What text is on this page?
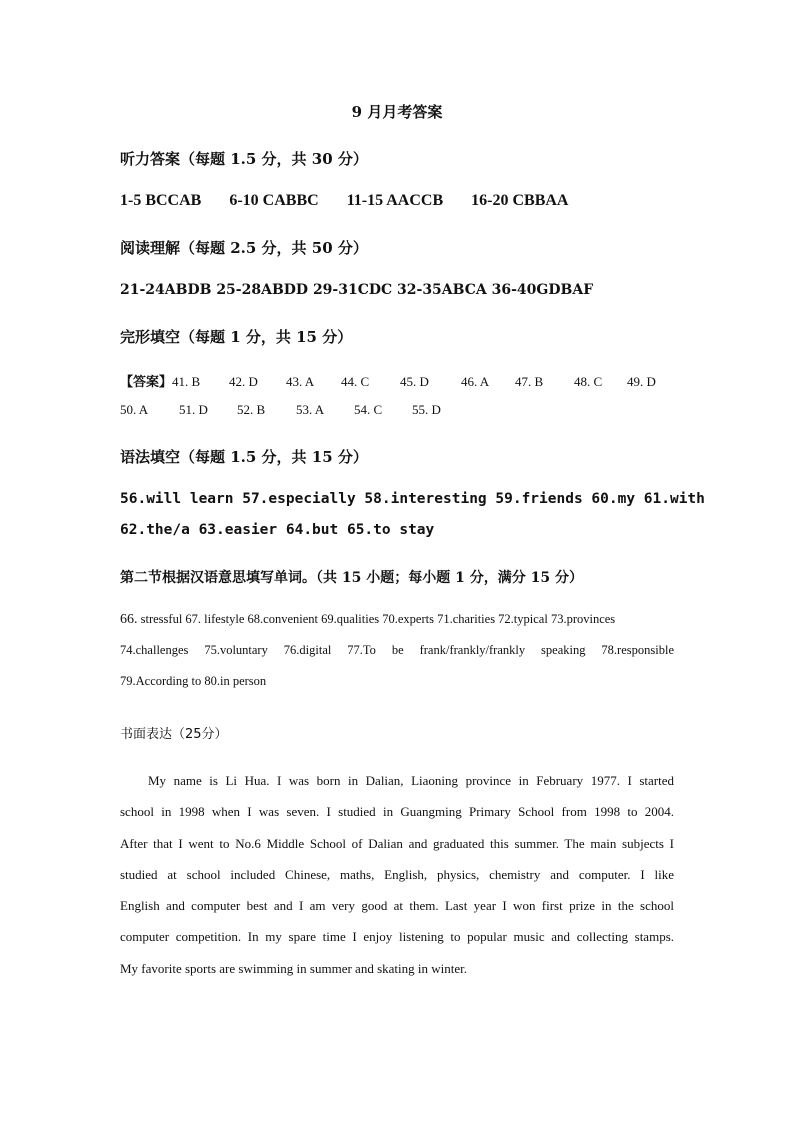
9 月月考答案
听力答案（每题 1.5 分，共 30 分）
1-5 BCCAB 6-10 CABBC 11-15 AACCB 16-20 CBBAA
阅读理解（每题 2.5 分，共 50 分）
21-24ABDB 25-28ABDD 29-31CDC 32-35ABCA 36-40GDBAF
完形填空（每题 1 分，共 15 分）
【答案】41. B 42. D 43. A 44. C 45. D 46. A 47. B 48. C 49. D
50. A 51. D 52. B 53. A 54. C 55. D
语法填空（每题 1.5 分，共 15 分）
56.will learn 57.especially 58.interesting 59.friends 60.my 61.with
62.the/a 63.easier 64.but 65.to stay
第二节根据汉语意思填写单词。（共 15 小题；每小题 1 分，满分 15 分）
66. stressful 67. lifestyle 68.convenient 69.qualities 70.experts 71.charities 72.typical 73.provinces
74.challenges 75.voluntary 76.digital 77.To be frank/frankly/frankly speaking 78.responsible
79.According to 80.in person
书面表达（25分）
My name is Li Hua. I was born in Dalian, Liaoning province in February 1977. I started
school in 1998 when I was seven. I studied in Guangming Primary School from 1998 to 2004.
After that I went to No.6 Middle School of Dalian and graduated this summer. The main subjects I
studied at school included Chinese, maths, English, physics, chemistry and computer. I like
English and computer best and I am very good at them. Last year I won first prize in the school
computer competition. In my spare time I enjoy listening to popular music and collecting stamps.
My favorite sports are swimming in summer and skating in winter.
